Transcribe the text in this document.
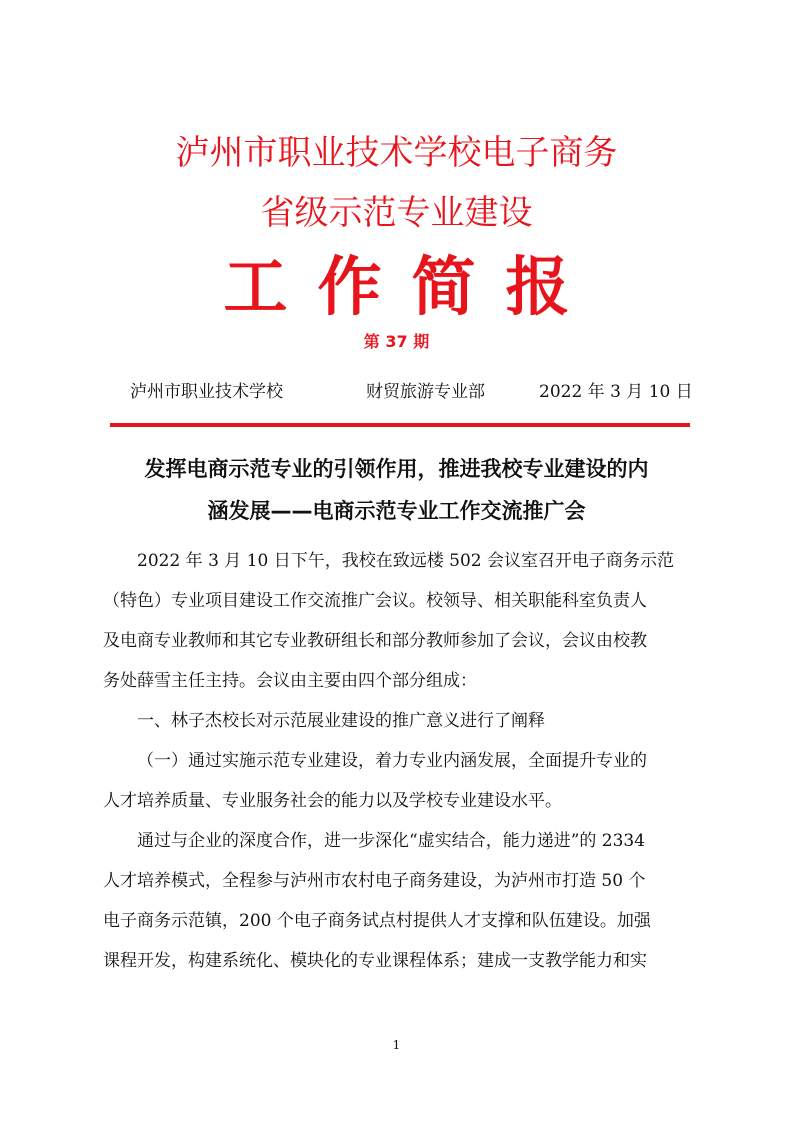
泸州市职业技术学校电子商务
省级示范专业建设
工作简报
第 37 期
泸州市职业技术学校	财贸旅游专业部	2022 年 3 月 10 日
发挥电商示范专业的引领作用，推进我校专业建设的内
涵发展——电商示范专业工作交流推广会
2022 年 3 月 10 日下午，我校在致远楼 502 会议室召开电子商务示范
（特色）专业项目建设工作交流推广会议。校领导、相关职能科室负责人
及电商专业教师和其它专业教研组长和部分教师参加了会议，会议由校教
务处薛雪主任主持。会议由主要由四个部分组成：
一、林子杰校长对示范展业建设的推广意义进行了阐释
（一）通过实施示范专业建设，着力专业内涵发展，全面提升专业的
人才培养质量、专业服务社会的能力以及学校专业建设水平。
通过与企业的深度合作，进一步深化“虚实结合，能力递进”的 2334
人才培养模式，全程参与泸州市农村电子商务建设，为泸州市打造 50 个
电子商务示范镇，200 个电子商务试点村提供人才支撑和队伍建设。加强
课程开发，构建系统化、模块化的专业课程体系；建成一支教学能力和实
1
